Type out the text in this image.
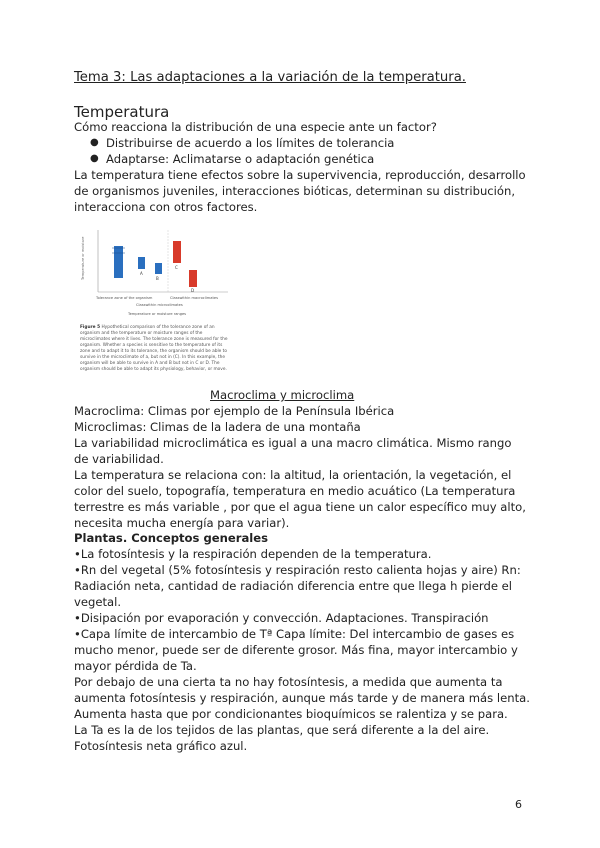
Tema 3: Las adaptaciones a la variación de la temperatura.
Temperatura
Cómo reacciona la distribución de una especie ante un factor?
● Distribuirse de acuerdo a los límites de tolerancia
● Adaptarse: Aclimatarse o adaptación genética
La temperatura tiene efectos sobre la supervivencia, reproducción, desarrollo
de organismos juveniles, interacciones bióticas, determinan su distribución,
interacciona con otros factores.
Temperature or moisture	A
B
C
D
Tolerance zone of the organism
Classwithin microclimates
Classwithin macroclimates
Temperature or moisture ranges
Figure 5 Hypothetical comparison of the tolerance zone of an organism and the temperature or moisture ranges of the microclimates where it lives. The tolerance zone is measured for the organism. Whether a species is sensitive to the temperature of its zone and to adapt it to its tolerance, the organism should be able to survive in the microclimate of a, but not in (C). In this example, the organism will be able to survive in A and B but not in C or D. The organism should be able to adapt its physiology, behavior, or move.
Macroclima y microclima
Macroclima: Climas por ejemplo de la Península Ibérica
Microclimas: Climas de la ladera de una montaña
La variabilidad microclimática es igual a una macro climática. Mismo rango
de variabilidad.
La temperatura se relaciona con: la altitud, la orientación, la vegetación, el
color del suelo, topografía, temperatura en medio acuático (La temperatura
terrestre es más variable , por que el agua tiene un calor específico muy alto,
necesita mucha energía para variar).
Plantas. Conceptos generales
•La fotosíntesis y la respiración dependen de la temperatura.
•Rn del vegetal (5% fotosíntesis y respiración resto calienta hojas y aire) Rn:
Radiación neta, cantidad de radiación diferencia entre que llega h pierde el
vegetal.
•Disipación por evaporación y convección. Adaptaciones. Transpiración
•Capa límite de intercambio de Tª Capa límite: Del intercambio de gases es
mucho menor, puede ser de diferente grosor. Más fina, mayor intercambio y
mayor pérdida de Ta.
Por debajo de una cierta ta no hay fotosíntesis, a medida que aumenta ta
aumenta fotosíntesis y respiración, aunque más tarde y de manera más lenta.
Aumenta hasta que por condicionantes bioquímicos se ralentiza y se para.
La Ta es la de los tejidos de las plantas, que será diferente a la del aire.
Fotosíntesis neta gráfico azul.
6
